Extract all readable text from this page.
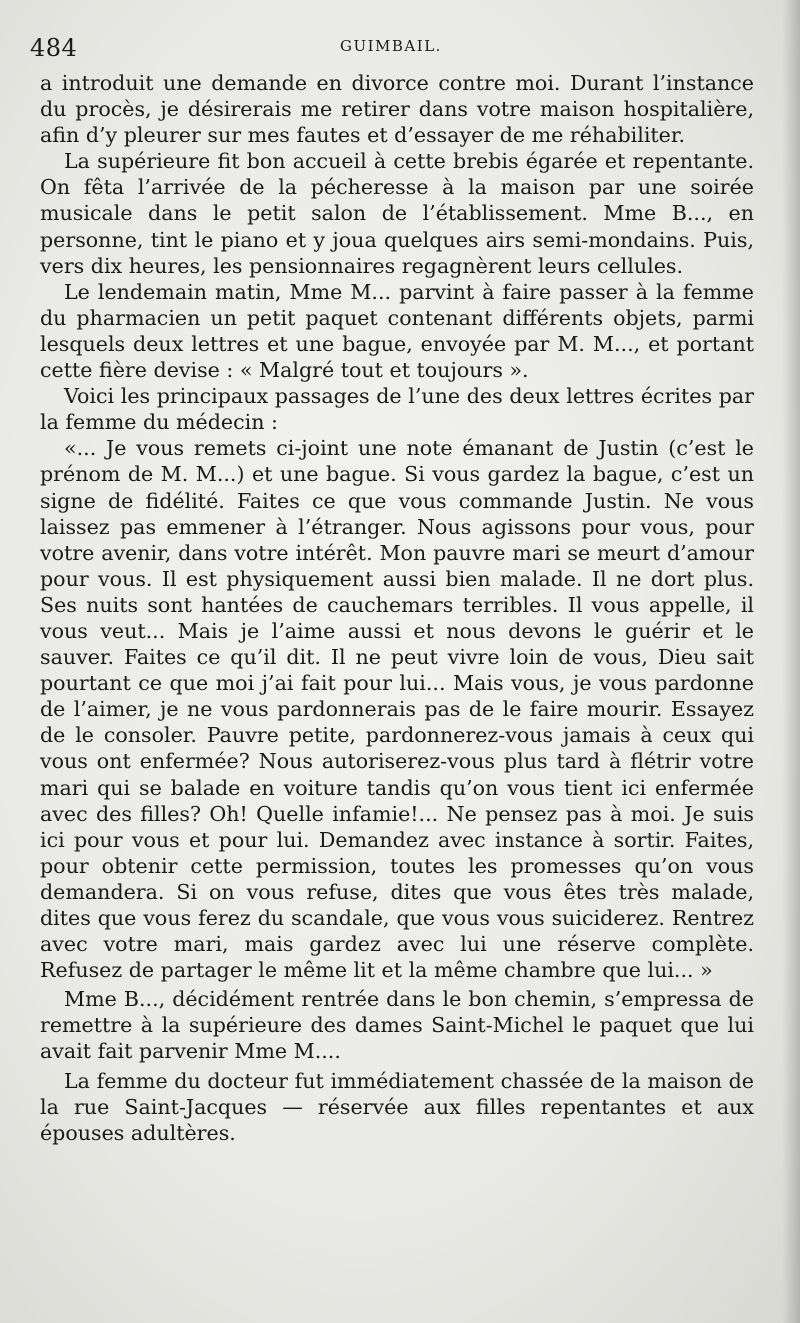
484	GUIMBAIL.

a introduit une demande en divorce contre moi. Durant l’instance du procès, je désirerais me retirer dans votre maison hospitalière, afin d’y pleurer sur mes fautes et d’essayer de me réhabiliter.

La supérieure fit bon accueil à cette brebis égarée et repentante. On fêta l’arrivée de la pécheresse à la maison par une soirée musicale dans le petit salon de l’établissement. Mme B..., en personne, tint le piano et y joua quelques airs semi-mondains. Puis, vers dix heures, les pensionnaires regagnèrent leurs cellules.

Le lendemain matin, Mme M... parvint à faire passer à la femme du pharmacien un petit paquet contenant différents objets, parmi lesquels deux lettres et une bague, envoyée par M. M..., et portant cette fière devise : « Malgré tout et toujours ».

Voici les principaux passages de l’une des deux lettres écrites par la femme du médecin :

«... Je vous remets ci-joint une note émanant de Justin (c’est le prénom de M. M...) et une bague. Si vous gardez la bague, c’est un signe de fidélité. Faites ce que vous commande Justin. Ne vous laissez pas emmener à l’étranger. Nous agissons pour vous, pour votre avenir, dans votre intérêt. Mon pauvre mari se meurt d’amour pour vous. Il est physiquement aussi bien malade. Il ne dort plus. Ses nuits sont hantées de cauchemars terribles. Il vous appelle, il vous veut... Mais je l’aime aussi et nous devons le guérir et le sauver. Faites ce qu’il dit. Il ne peut vivre loin de vous, Dieu sait pourtant ce que moi j’ai fait pour lui... Mais vous, je vous pardonne de l’aimer, je ne vous pardonnerais pas de le faire mourir. Essayez de le consoler. Pauvre petite, pardonnerez-vous jamais à ceux qui vous ont enfermée? Nous autoriserez-vous plus tard à flétrir votre mari qui se balade en voiture tandis qu’on vous tient ici enfermée avec des filles? Oh! Quelle infamie!... Ne pensez pas à moi. Je suis ici pour vous et pour lui. Demandez avec instance à sortir. Faites, pour obtenir cette permission, toutes les promesses qu’on vous demandera. Si on vous refuse, dites que vous êtes très malade, dites que vous ferez du scandale, que vous vous suiciderez. Rentrez avec votre mari, mais gardez avec lui une réserve complète. Refusez de partager le même lit et la même chambre que lui... »

Mme B..., décidément rentrée dans le bon chemin, s’empressa de remettre à la supérieure des dames Saint-Michel le paquet que lui avait fait parvenir Mme M....

La femme du docteur fut immédiatement chassée de la maison de la rue Saint-Jacques — réservée aux filles repentantes et aux épouses adultères.
